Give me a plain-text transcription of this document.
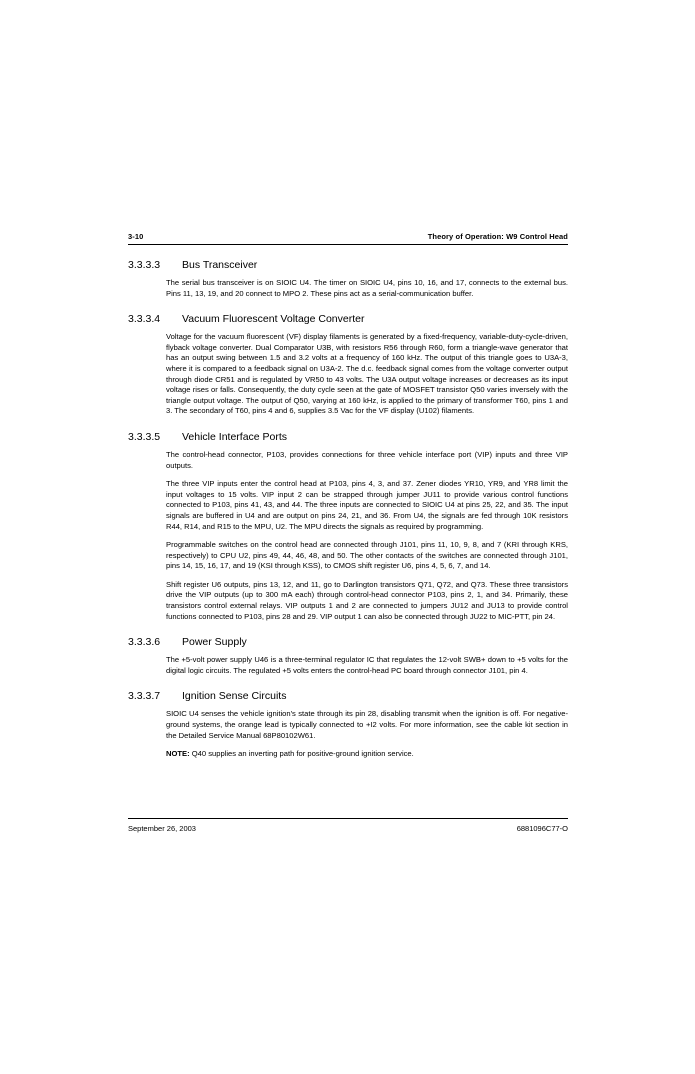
3-10	Theory of Operation: W9 Control Head
3.3.3.3	Bus Transceiver

The serial bus transceiver is on SIOIC U4. The timer on SIOIC U4, pins 10, 16, and 17, connects to the external bus. Pins 11, 13, 19, and 20 connect to MPO 2. These pins act as a serial-communication buffer.

3.3.3.4	Vacuum Fluorescent Voltage Converter

Voltage for the vacuum fluorescent (VF) display filaments is generated by a fixed-frequency, variable-duty-cycle-driven, flyback voltage converter. Dual Comparator U3B, with resistors R56 through R60, form a triangle-wave generator that has an output swing between 1.5 and 3.2 volts at a frequency of 160 kHz. The output of this triangle goes to U3A-3, where it is compared to a feedback signal on U3A-2. The d.c. feedback signal comes from the voltage converter output through diode CR51 and is regulated by VR50 to 43 volts. The U3A output voltage increases or decreases as its input voltage rises or falls. Consequently, the duty cycle seen at the gate of MOSFET transistor Q50 varies inversely with the triangle output voltage. The output of Q50, varying at 160 kHz, is applied to the primary of transformer T60, pins 1 and 3. The secondary of T60, pins 4 and 6, supplies 3.5 Vac for the VF display (U102) filaments.

3.3.3.5	Vehicle Interface Ports

The control-head connector, P103, provides connections for three vehicle interface port (VIP) inputs and three VIP outputs.

The three VIP inputs enter the control head at P103, pins 4, 3, and 37. Zener diodes YR10, YR9, and YR8 limit the input voltages to 15 volts. VIP input 2 can be strapped through jumper JU11 to provide various control functions connected to P103, pins 41, 43, and 44. The three inputs are connected to SIOIC U4 at pins 25, 22, and 35. The input signals are buffered in U4 and are output on pins 24, 21, and 36. From U4, the signals are fed through 10K resistors R44, R14, and R15 to the MPU, U2. The MPU directs the signals as required by programming.

Programmable switches on the control head are connected through J101, pins 11, 10, 9, 8, and 7 (KRI through KRS, respectively) to CPU U2, pins 49, 44, 46, 48, and 50. The other contacts of the switches are connected through J101, pins 14, 15, 16, 17, and 19 (KSI through KSS), to CMOS shift register U6, pins 4, 5, 6, 7, and 14.

Shift register U6 outputs, pins 13, 12, and 11, go to Darlington transistors Q71, Q72, and Q73. These three transistors drive the VIP outputs (up to 300 mA each) through control-head connector P103, pins 2, 1, and 34. Primarily, these transistors control external relays. VIP outputs 1 and 2 are connected to jumpers JU12 and JU13 to provide control functions connected to P103, pins 28 and 29. VIP output 1 can also be connected through JU22 to MIC-PTT, pin 24.

3.3.3.6	Power Supply

The +5-volt power supply U46 is a three-terminal regulator IC that regulates the 12-volt SWB+ down to +5 volts for the digital logic circuits. The regulated +5 volts enters the control-head PC board through connector J101, pin 4.

3.3.3.7	Ignition Sense Circuits

SIOIC U4 senses the vehicle ignition's state through its pin 28, disabling transmit when the ignition is off. For negative-ground systems, the orange lead is typically connected to +I2 volts. For more information, see the cable kit section in the Detailed Service Manual 68P80102W61.

NOTE: Q40 supplies an inverting path for positive-ground ignition service.

September 26, 2003	6881096C77-O
